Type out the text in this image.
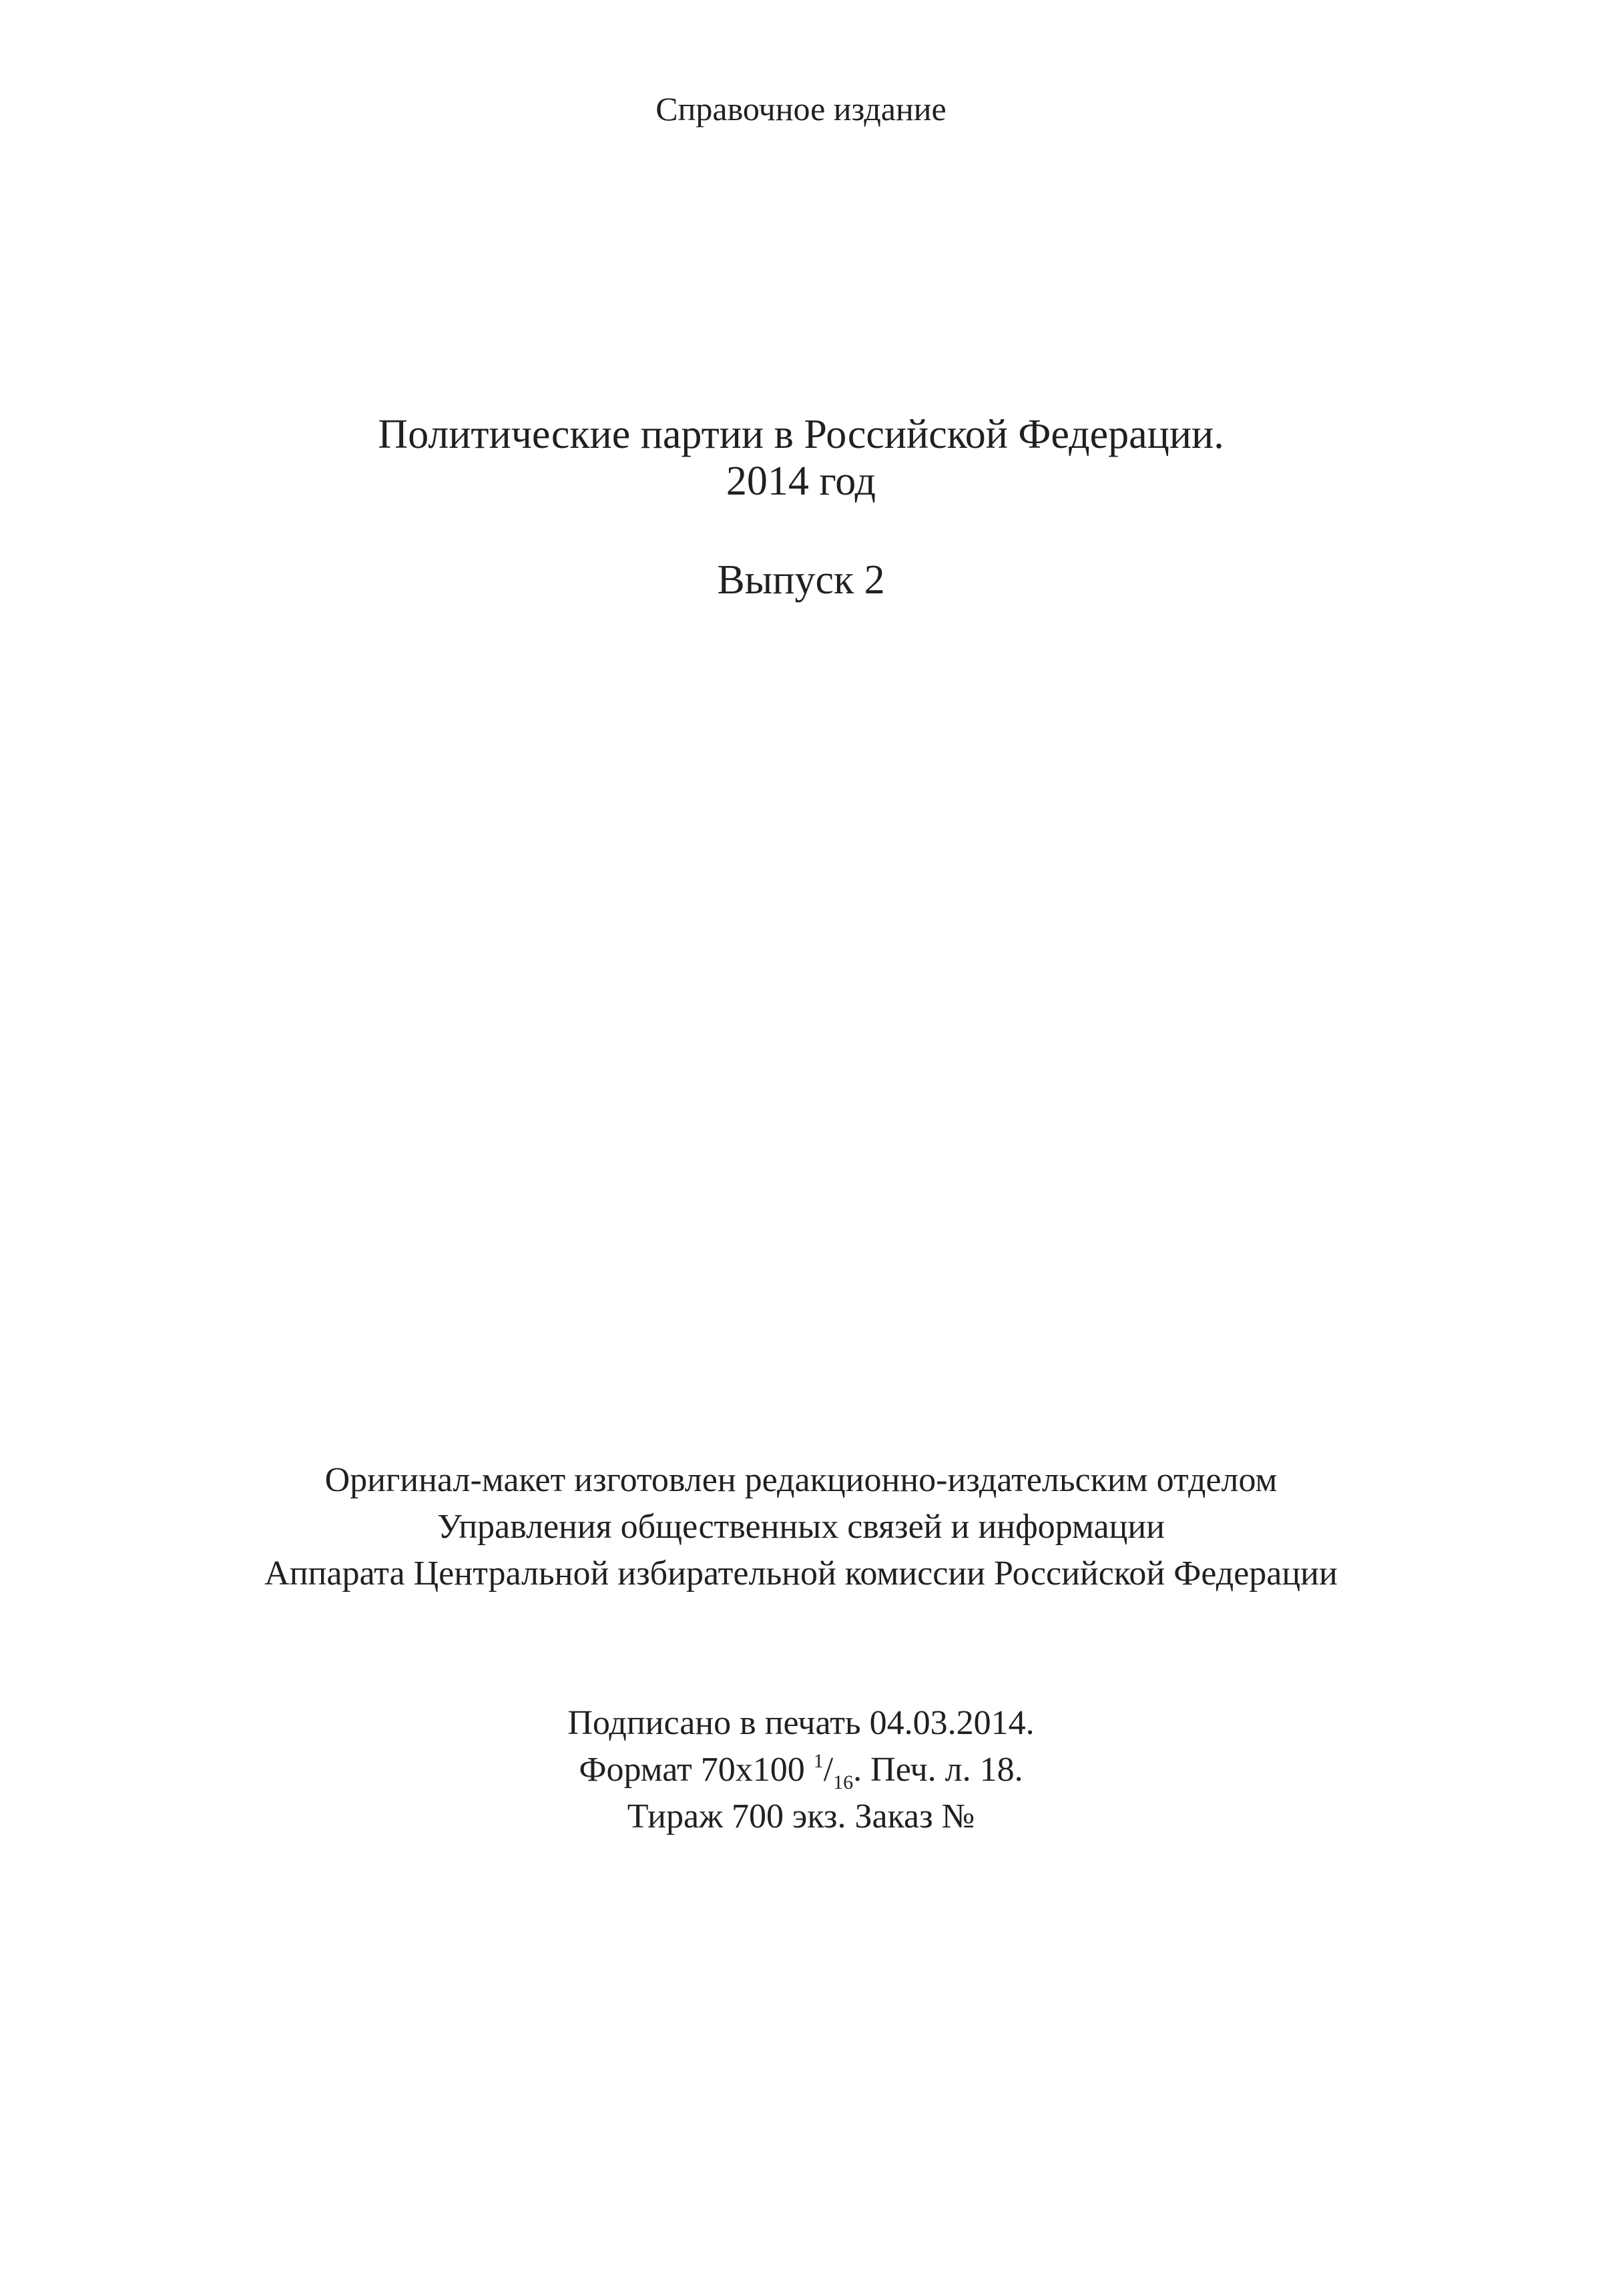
Справочное издание
Политические партии в Российской Федерации.
2014 год
Выпуск 2
Оригинал-макет изготовлен редакционно-издательским отделом
Управления общественных связей и информации
Аппарата Центральной избирательной комиссии Российской Федерации
Подписано в печать 04.03.2014.
Формат 70х100 $^1/_{16}$. Печ. л. 18.
Тираж 700 экз. Заказ №
